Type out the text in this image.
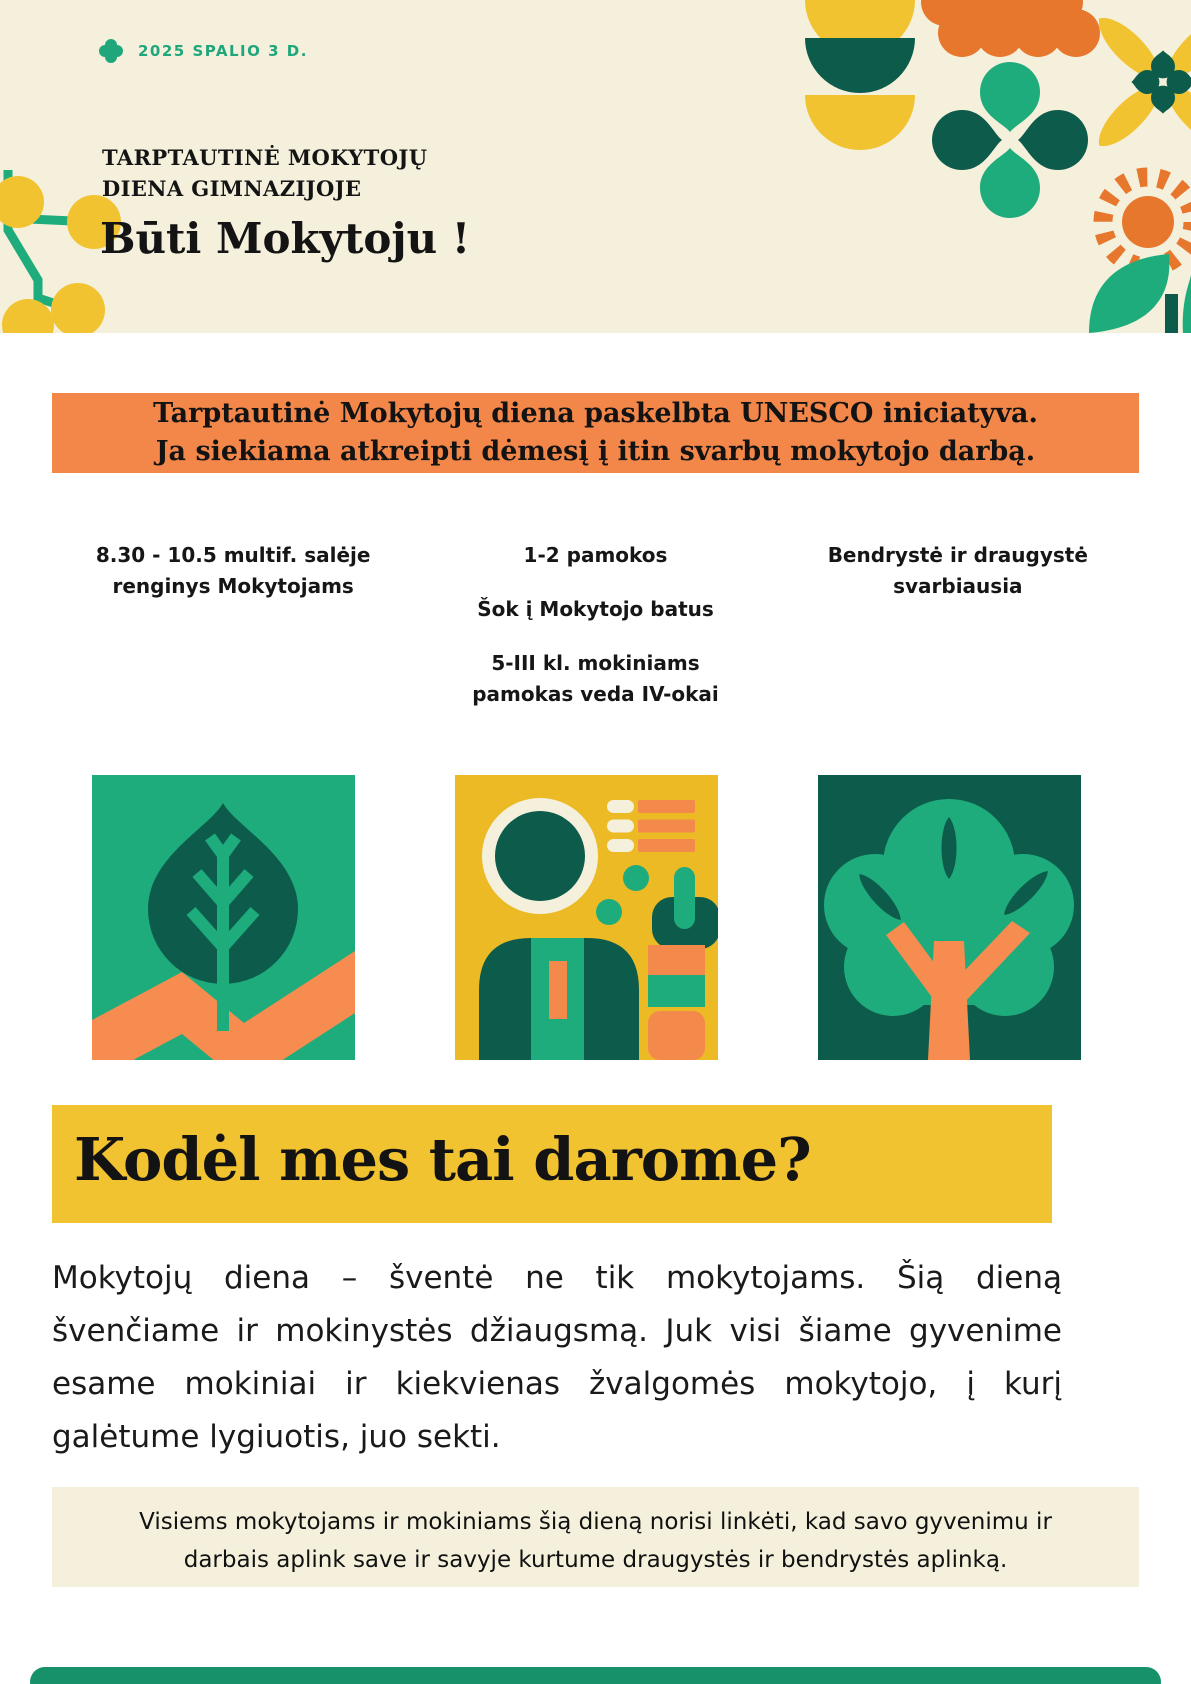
2025 SPALIO 3 D.
TARPTAUTINĖ MOKYTOJŲ
DIENA GIMNAZIJOJE
Būti Mokytoju !
Tarptautinė Mokytojų diena paskelbta UNESCO iniciatyva.
Ja siekiama atkreipti dėmesį į itin svarbų mokytojo darbą.

8.30 - 10.5 multif. salėje renginys Mokytojams

1-2 pamokos

Šok į Mokytojo batus

5-III kl. mokiniams pamokas veda IV-okai

Bendrystė ir draugystė svarbiausia

Kodėl mes tai darome?

Mokytojų diena – šventė ne tik mokytojams. Šią dieną švenčiame ir mokinystės džiaugsmą. Juk visi šiame gyvenime esame mokiniai ir kiekvienas žvalgomės mokytojo, į kurį galėtume lygiuotis, juo sekti.

Visiems mokytojams ir mokiniams šią dieną norisi linkėti, kad savo gyvenimu ir darbais aplink save ir savyje kurtume draugystės ir bendrystės aplinką.
